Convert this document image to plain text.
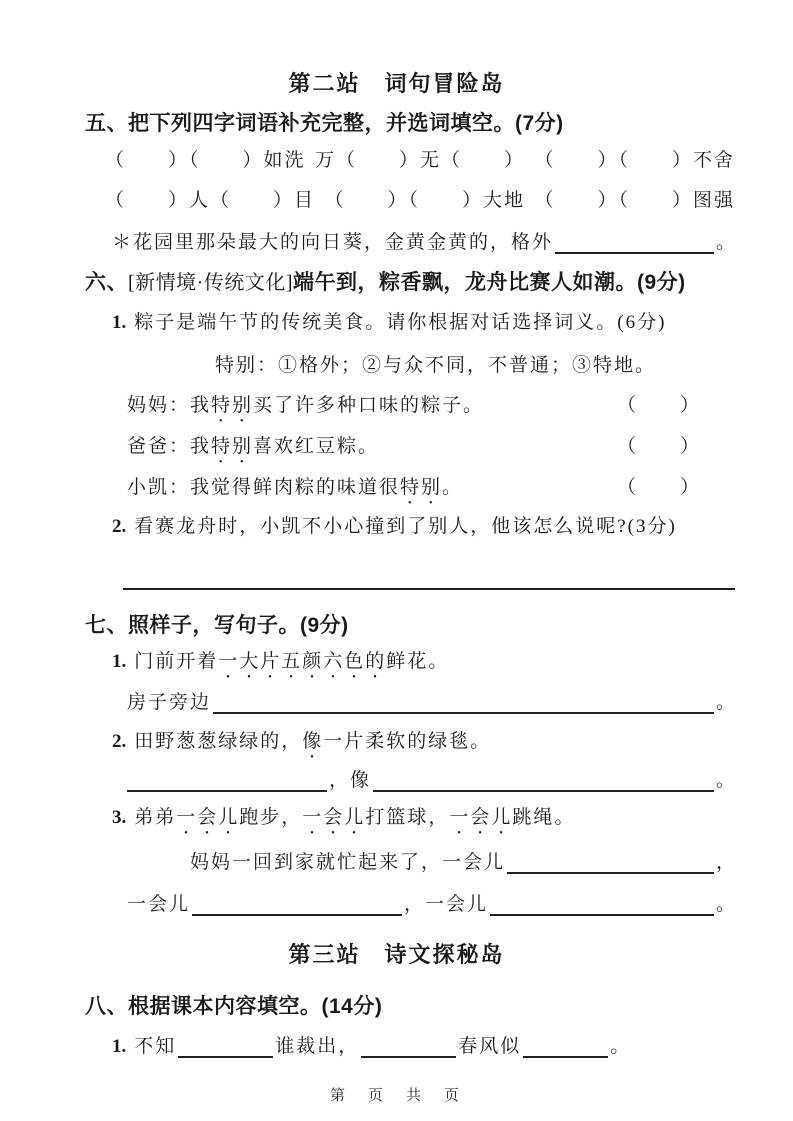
第二站　词句冒险岛
五、把下列四字词语补充完整，并选词填空。(7分)
（　　）（　　）如洗 万（　　）无（　　） （　　）（　　）不舍
（　　）人（　　）目 （　　）（　　）大地 （　　）（　　）图强
＊ 花园里那朵最大的向日葵，金黄金黄的，格外	。
六、[新情境·传统文化]端午到，粽香飘，龙舟比赛人如潮。(9分)
1. 粽子是端午节的传统美食。请你根据对话选择词义。(6分)
特别：①格外；②与众不同，不普通；③特地。
妈妈：我特别买了许多种口味的粽子。	（　　）
爸爸：我特别喜欢红豆粽。	（　　）
小凯：我觉得鲜肉粽的味道很特别。	（　　）
2. 看赛龙舟时，小凯不小心撞到了别人，他该怎么说呢?(3分)
七、照样子，写句子。(9分)
1. 门前开着一大片五颜六色的鲜花。
房子旁边	。
2. 田野葱葱绿绿的，像一片柔软的绿毯。
，像	。
3. 弟弟一会儿跑步，一会儿打篮球，一会儿跳绳。
妈妈一回到家就忙起来了，一会儿	，
一会儿	，一会儿	。
第三站　诗文探秘岛
八、根据课本内容填空。(14分)
1. 不知	谁裁出，	春风似	。
第　页　共　页
